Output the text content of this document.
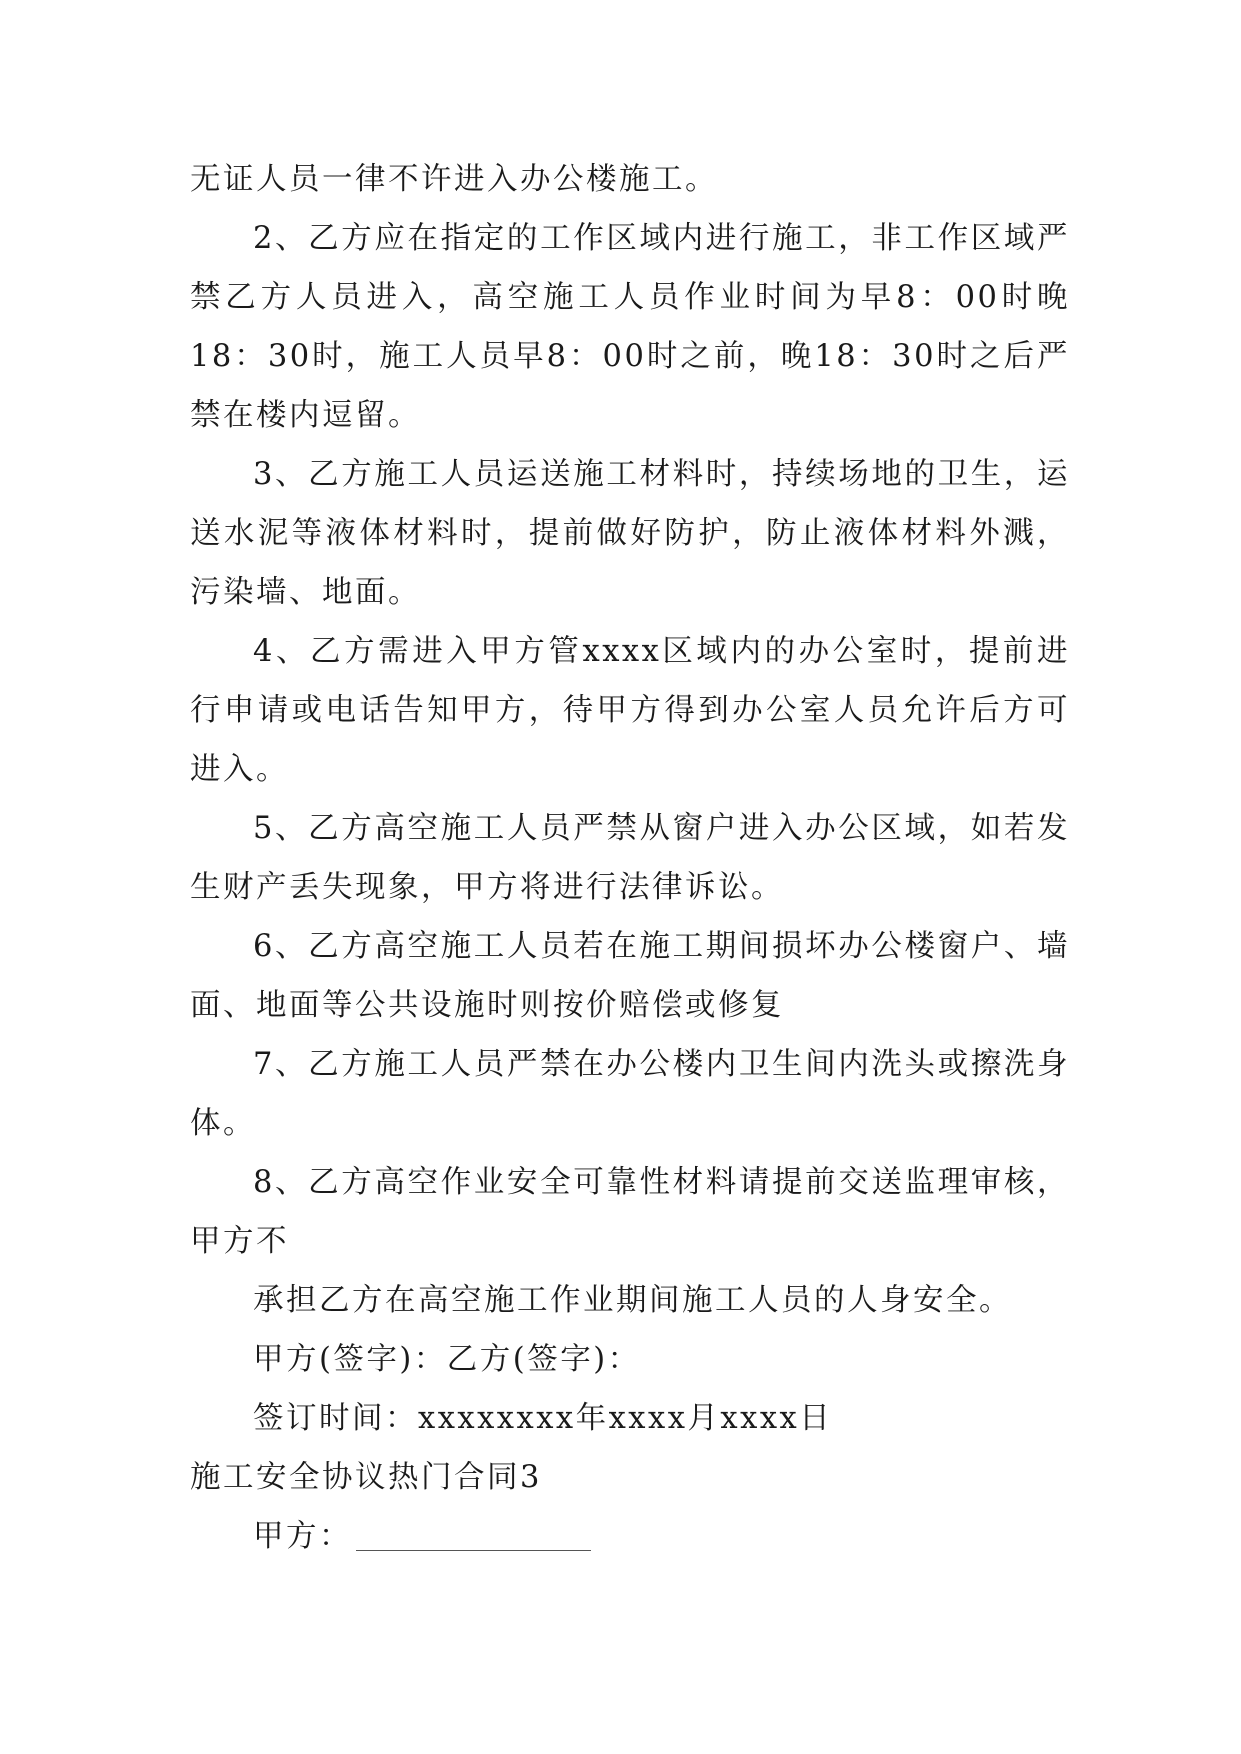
无证人员一律不许进入办公楼施工。

2、乙方应在指定的工作区域内进行施工，非工作区域严禁乙方人员进入，高空施工人员作业时间为早8：00时晚18：30时，施工人员早8：00时之前，晚18：30时之后严禁在楼内逗留。

3、乙方施工人员运送施工材料时，持续场地的卫生，运送水泥等液体材料时，提前做好防护，防止液体材料外溅，污染墙、地面。

4、乙方需进入甲方管xxxx区域内的办公室时，提前进行申请或电话告知甲方，待甲方得到办公室人员允许后方可进入。

5、乙方高空施工人员严禁从窗户进入办公区域，如若发生财产丢失现象，甲方将进行法律诉讼。

6、乙方高空施工人员若在施工期间损坏办公楼窗户、墙面、地面等公共设施时则按价赔偿或修复

7、乙方施工人员严禁在办公楼内卫生间内洗头或擦洗身体。

8、乙方高空作业安全可靠性材料请提前交送监理审核，甲方不

承担乙方在高空施工作业期间施工人员的人身安全。

甲方(签字)：乙方(签字)：

签订时间：xxxxxxxx年xxxx月xxxx日

施工安全协议热门合同3

甲方：
